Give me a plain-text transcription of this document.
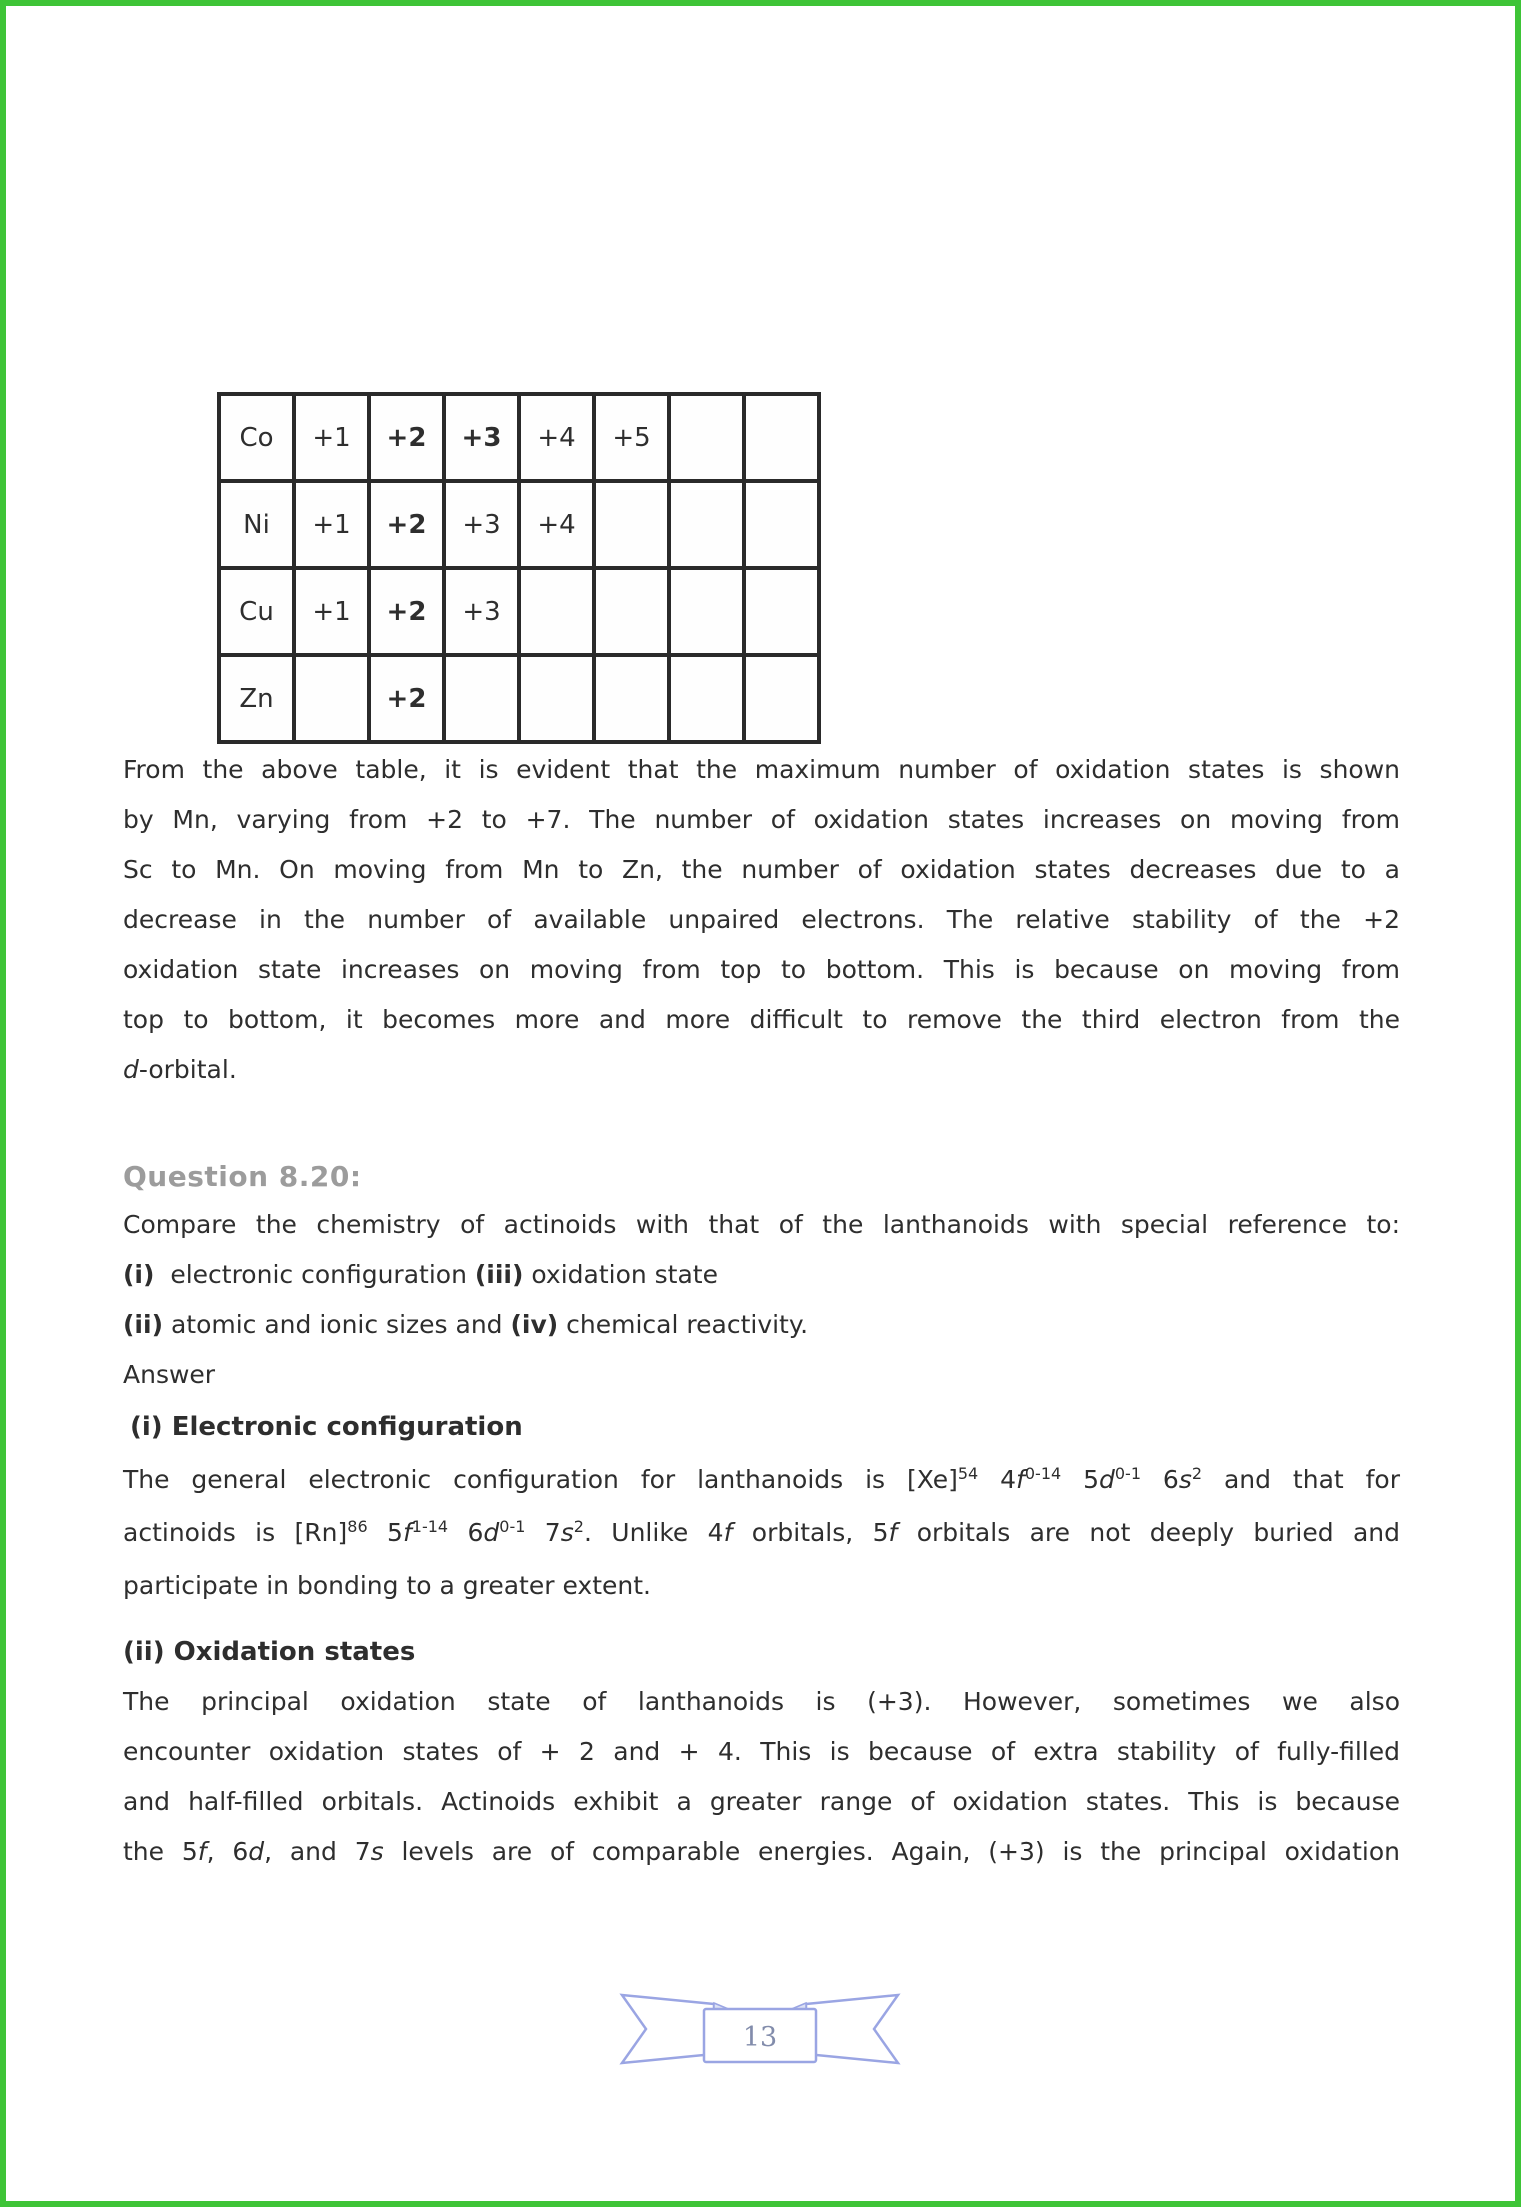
Co	+1	+2	+3	+4	+5		
Ni	+1	+2	+3	+4			
Cu	+1	+2	+3				
Zn		+2					
From the above table, it is evident that the maximum number of oxidation states is shown
by Mn, varying from +2 to +7. The number of oxidation states increases on moving from
Sc to Mn. On moving from Mn to Zn, the number of oxidation states decreases due to a
decrease in the number of available unpaired electrons. The relative stability of the +2
oxidation state increases on moving from top to bottom. This is because on moving from
top to bottom, it becomes more and more difficult to remove the third electron from the
d-orbital.
Question 8.20:
Compare the chemistry of actinoids with that of the lanthanoids with special reference to:
(i)  electronic configuration (iii) oxidation state
(ii) atomic and ionic sizes and (iv) chemical reactivity.
Answer
(i) Electronic configuration
The general electronic configuration for lanthanoids is $[Xe]^{54}$ $4f^{0-14}$ $5d^{0-1}$ $6s^2$ and that for
actinoids is $[Rn]^{86}$ $5f^{1-14}$ $6d^{0-1}$ $7s^2$. Unlike 4f orbitals, 5f orbitals are not deeply buried and
participate in bonding to a greater extent.
(ii) Oxidation states
The principal oxidation state of lanthanoids is (+3). However, sometimes we also
encounter oxidation states of + 2 and + 4. This is because of extra stability of fully-filled
and half-filled orbitals. Actinoids exhibit a greater range of oxidation states. This is because
the 5f, 6d, and 7s levels are of comparable energies. Again, (+3) is the principal oxidation
13
